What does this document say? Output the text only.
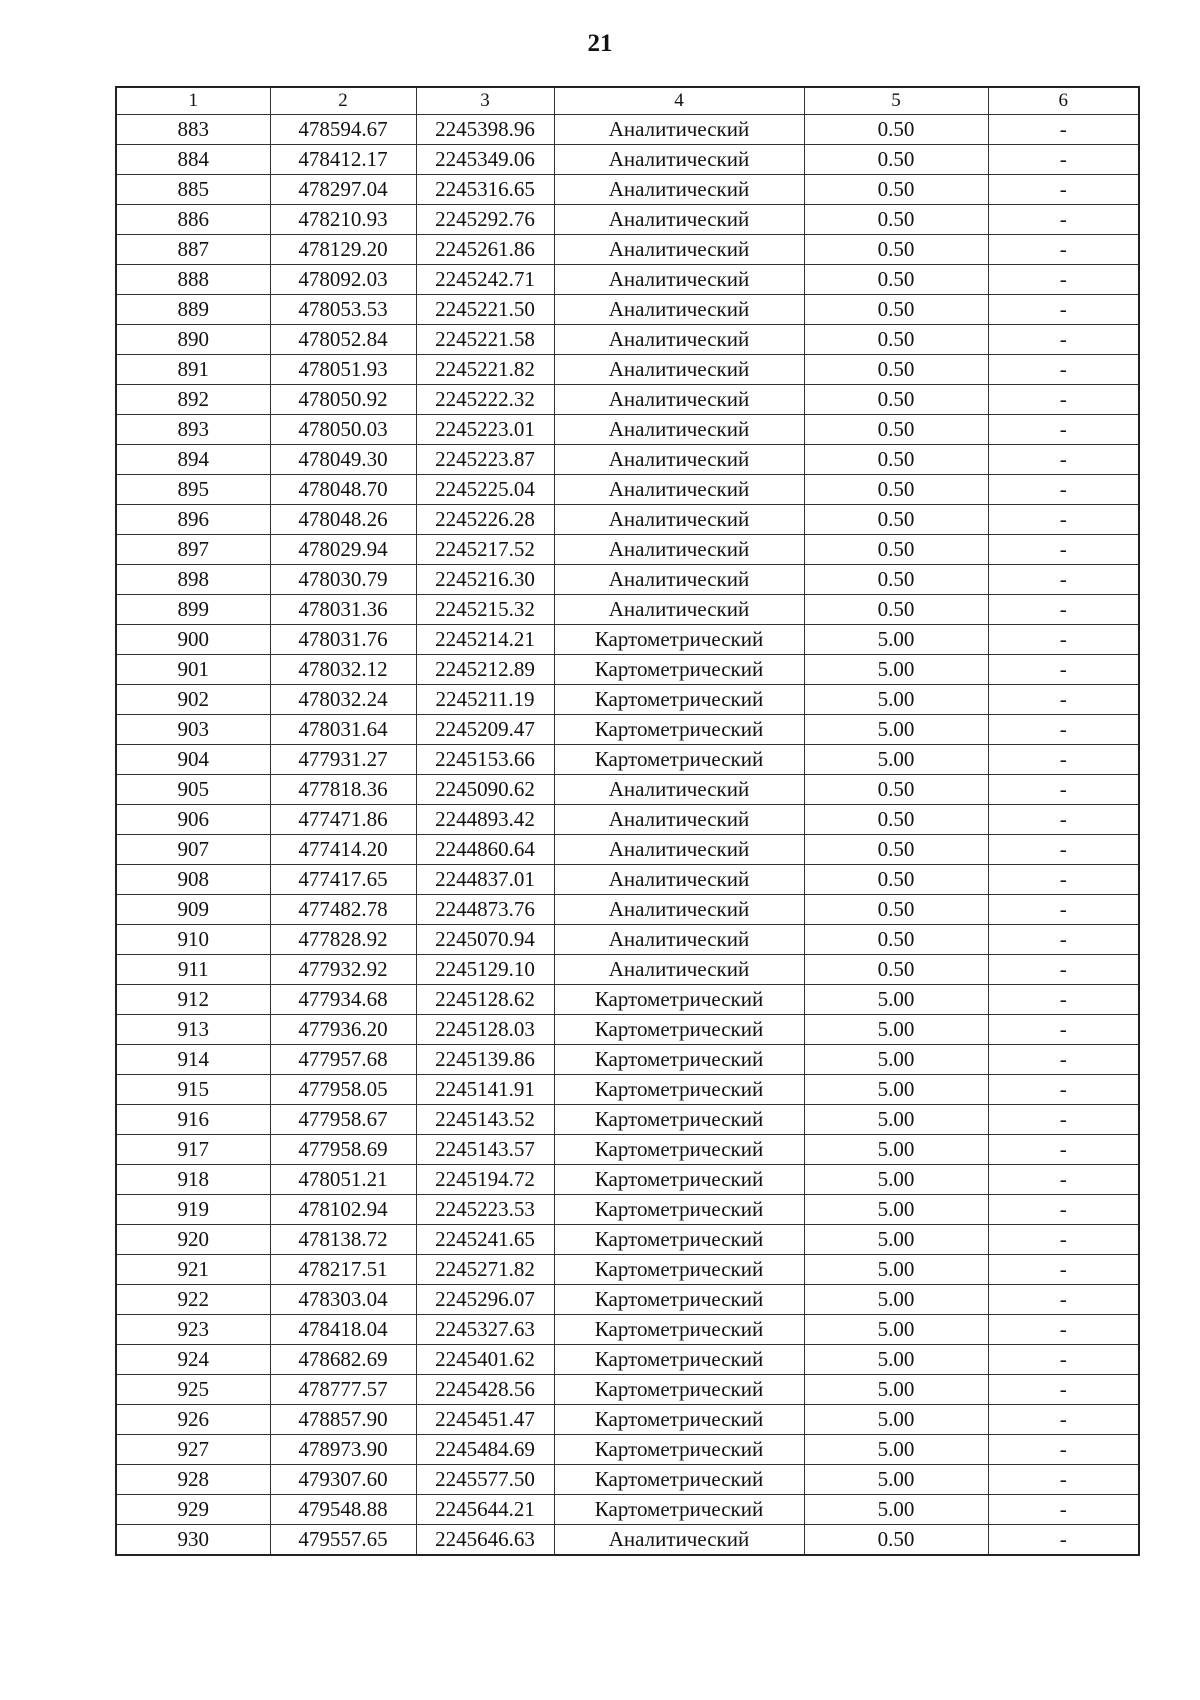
21
1	2	3	4	5	6
883	478594.67	2245398.96	Аналитический	0.50	-
884	478412.17	2245349.06	Аналитический	0.50	-
885	478297.04	2245316.65	Аналитический	0.50	-
886	478210.93	2245292.76	Аналитический	0.50	-
887	478129.20	2245261.86	Аналитический	0.50	-
888	478092.03	2245242.71	Аналитический	0.50	-
889	478053.53	2245221.50	Аналитический	0.50	-
890	478052.84	2245221.58	Аналитический	0.50	-
891	478051.93	2245221.82	Аналитический	0.50	-
892	478050.92	2245222.32	Аналитический	0.50	-
893	478050.03	2245223.01	Аналитический	0.50	-
894	478049.30	2245223.87	Аналитический	0.50	-
895	478048.70	2245225.04	Аналитический	0.50	-
896	478048.26	2245226.28	Аналитический	0.50	-
897	478029.94	2245217.52	Аналитический	0.50	-
898	478030.79	2245216.30	Аналитический	0.50	-
899	478031.36	2245215.32	Аналитический	0.50	-
900	478031.76	2245214.21	Картометрический	5.00	-
901	478032.12	2245212.89	Картометрический	5.00	-
902	478032.24	2245211.19	Картометрический	5.00	-
903	478031.64	2245209.47	Картометрический	5.00	-
904	477931.27	2245153.66	Картометрический	5.00	-
905	477818.36	2245090.62	Аналитический	0.50	-
906	477471.86	2244893.42	Аналитический	0.50	-
907	477414.20	2244860.64	Аналитический	0.50	-
908	477417.65	2244837.01	Аналитический	0.50	-
909	477482.78	2244873.76	Аналитический	0.50	-
910	477828.92	2245070.94	Аналитический	0.50	-
911	477932.92	2245129.10	Аналитический	0.50	-
912	477934.68	2245128.62	Картометрический	5.00	-
913	477936.20	2245128.03	Картометрический	5.00	-
914	477957.68	2245139.86	Картометрический	5.00	-
915	477958.05	2245141.91	Картометрический	5.00	-
916	477958.67	2245143.52	Картометрический	5.00	-
917	477958.69	2245143.57	Картометрический	5.00	-
918	478051.21	2245194.72	Картометрический	5.00	-
919	478102.94	2245223.53	Картометрический	5.00	-
920	478138.72	2245241.65	Картометрический	5.00	-
921	478217.51	2245271.82	Картометрический	5.00	-
922	478303.04	2245296.07	Картометрический	5.00	-
923	478418.04	2245327.63	Картометрический	5.00	-
924	478682.69	2245401.62	Картометрический	5.00	-
925	478777.57	2245428.56	Картометрический	5.00	-
926	478857.90	2245451.47	Картометрический	5.00	-
927	478973.90	2245484.69	Картометрический	5.00	-
928	479307.60	2245577.50	Картометрический	5.00	-
929	479548.88	2245644.21	Картометрический	5.00	-
930	479557.65	2245646.63	Аналитический	0.50	-
